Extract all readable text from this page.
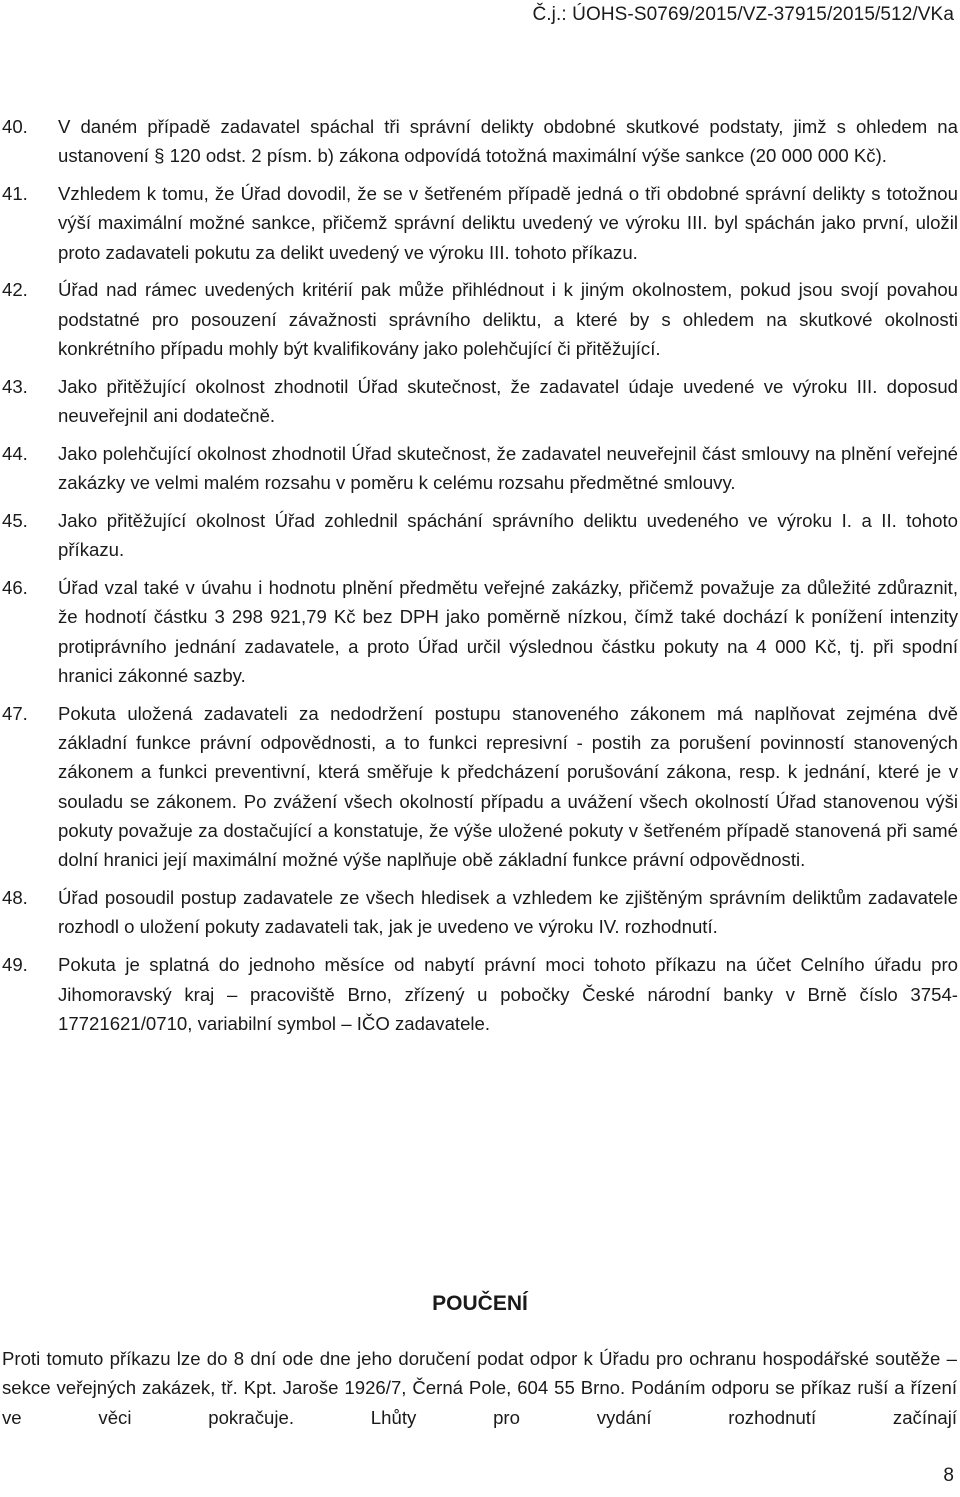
Č.j.: ÚOHS-S0769/2015/VZ-37915/2015/512/VKa
40.	V daném případě zadavatel spáchal tři správní delikty obdobné skutkové podstaty, jimž s ohledem na ustanovení § 120 odst. 2 písm. b) zákona odpovídá totožná maximální výše sankce (20 000 000 Kč).
41.	Vzhledem k tomu, že Úřad dovodil, že se v šetřeném případě jedná o tři obdobné správní delikty s totožnou výší maximální možné sankce, přičemž správní deliktu uvedený ve výroku III. byl spáchán jako první, uložil proto zadavateli pokutu za delikt uvedený ve výroku III. tohoto příkazu.
42.	Úřad nad rámec uvedených kritérií pak může přihlédnout i k jiným okolnostem, pokud jsou svojí povahou podstatné pro posouzení závažnosti správního deliktu, a které by s ohledem na skutkové okolnosti konkrétního případu mohly být kvalifikovány jako polehčující či přitěžující.
43.	Jako přitěžující okolnost zhodnotil Úřad skutečnost, že zadavatel údaje uvedené ve výroku III. doposud neuveřejnil ani dodatečně.
44.	Jako polehčující okolnost zhodnotil Úřad skutečnost, že zadavatel neuveřejnil část smlouvy na plnění veřejné zakázky ve velmi malém rozsahu v poměru k celému rozsahu předmětné smlouvy.
45.	Jako přitěžující okolnost Úřad zohlednil spáchání správního deliktu uvedeného ve výroku I. a II. tohoto příkazu.
46.	Úřad vzal také v úvahu i hodnotu plnění předmětu veřejné zakázky, přičemž považuje za důležité zdůraznit, že hodnotí částku 3 298 921,79 Kč bez DPH jako poměrně nízkou, čímž také dochází k ponížení intenzity protiprávního jednání zadavatele, a proto Úřad určil výslednou částku pokuty na 4 000 Kč, tj. při spodní hranici zákonné sazby.
47.	Pokuta uložená zadavateli za nedodržení postupu stanoveného zákonem má naplňovat zejména dvě základní funkce právní odpovědnosti, a to funkci represivní - postih za porušení povinností stanovených zákonem a funkci preventivní, která směřuje k předcházení porušování zákona, resp. k jednání, které je v souladu se zákonem. Po zvážení všech okolností případu a uvážení všech okolností Úřad stanovenou výši pokuty považuje za dostačující a konstatuje, že výše uložené pokuty v šetřeném případě stanovená při samé dolní hranici její maximální možné výše naplňuje obě základní funkce právní odpovědnosti.
48.	Úřad posoudil postup zadavatele ze všech hledisek a vzhledem ke zjištěným správním deliktům zadavatele rozhodl o uložení pokuty zadavateli tak, jak je uvedeno ve výroku IV. rozhodnutí.
49.	Pokuta je splatná do jednoho měsíce od nabytí právní moci tohoto příkazu na účet Celního úřadu pro Jihomoravský kraj – pracoviště Brno, zřízený u pobočky České národní banky v Brně číslo 3754-17721621/0710, variabilní symbol – IČO zadavatele.
POUČENÍ
Proti tomuto příkazu lze do 8 dní ode dne jeho doručení podat odpor k Úřadu pro ochranu hospodářské soutěže – sekce veřejných zakázek, tř. Kpt. Jaroše 1926/7, Černá Pole, 604 55 Brno. Podáním odporu se příkaz ruší a řízení ve věci pokračuje. Lhůty pro vydání rozhodnutí začínají
8
